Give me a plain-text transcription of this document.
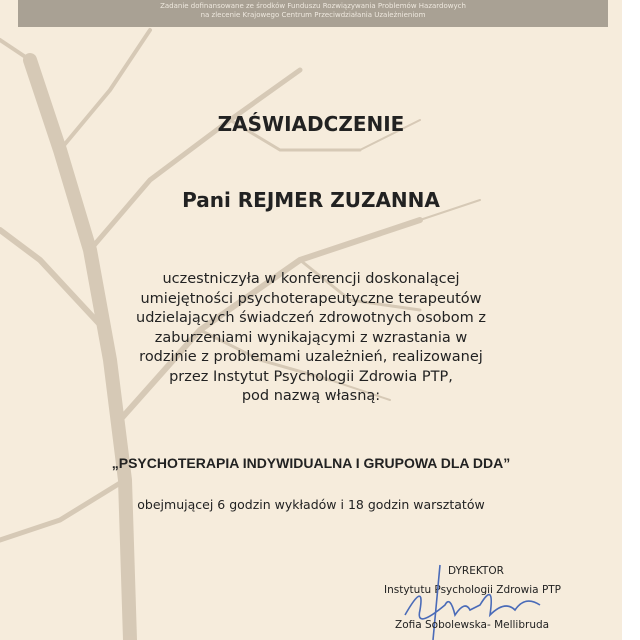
Zadanie dofinansowane ze środków Funduszu Rozwiązywania Problemów Hazardowych
na zlecenie Krajowego Centrum Przeciwdziałania Uzależnieniom
ZAŚWIADCZENIE
Pani REJMER ZUZANNA
uczestniczyła w konferencji doskonalącej
umiejętności psychoterapeutyczne terapeutów
udzielających świadczeń zdrowotnych osobom z
zaburzeniami wynikającymi z wzrastania w
rodzinie z problemami uzależnień, realizowanej
przez Instytut Psychologii Zdrowia PTP,
pod nazwą własną:
„PSYCHOTERAPIA INDYWIDUALNA I GRUPOWA DLA DDA”
obejmującej 6 godzin wykładów i 18 godzin warsztatów
DYREKTOR
Instytutu Psychologii Zdrowia PTP
Zofia Sobolewska- Mellibruda
